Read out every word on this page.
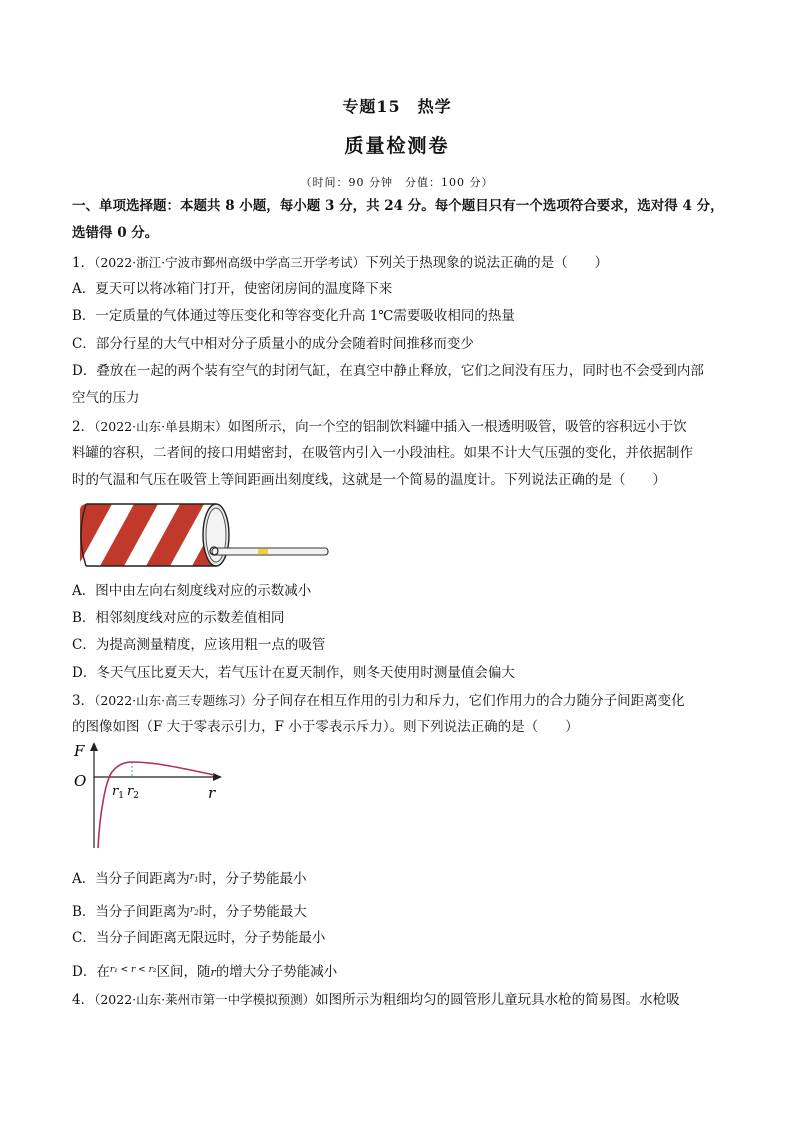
专题15　热学
质量检测卷
（时间：90 分钟　分值：100 分）
一、单项选择题：本题共 8 小题，每小题 3 分，共 24 分。每个题目只有一个选项符合要求，选对得 4 分，
选错得 0 分。
1．（2022·浙江·宁波市鄞州高级中学高三开学考试）下列关于热现象的说法正确的是（　　）
A．夏天可以将冰箱门打开，使密闭房间的温度降下来
B．一定质量的气体通过等压变化和等容变化升高 1℃需要吸收相同的热量
C．部分行星的大气中相对分子质量小的成分会随着时间推移而变少
D．叠放在一起的两个装有空气的封闭气缸，在真空中静止释放，它们之间没有压力，同时也不会受到内部
空气的压力
2．（2022·山东·单县期末）如图所示，向一个空的铝制饮料罐中插入一根透明吸管，吸管的容积远小于饮
料罐的容积，二者间的接口用蜡密封，在吸管内引入一小段油柱。如果不计大气压强的变化，并依据制作
时的气温和气压在吸管上等间距画出刻度线，这就是一个简易的温度计。下列说法正确的是（　　）
A．图中由左向右刻度线对应的示数减小
B．相邻刻度线对应的示数差值相同
C．为提高测量精度，应该用粗一点的吸管
D．冬天气压比夏天大，若气压计在夏天制作，则冬天使用时测量值会偏大
3．（2022·山东·高三专题练习）分子间存在相互作用的引力和斥力，它们作用力的合力随分子间距离变化
的图像如图（F 大于零表示引力，F 小于零表示斥力）。则下列说法正确的是（　　）
F
O
r
$r_1$ $r_2$
A．当分子间距离为$^{r_1}$时，分子势能最小
B．当分子间距离为$^{r_2}$时，分子势能最大
C．当分子间距离无限远时，分子势能最小
D．在$^{r_1 < r < r_2}$区间，随r的增大分子势能减小
4．（2022·山东·莱州市第一中学模拟预测）如图所示为粗细均匀的圆管形儿童玩具水枪的简易图。水枪吸
